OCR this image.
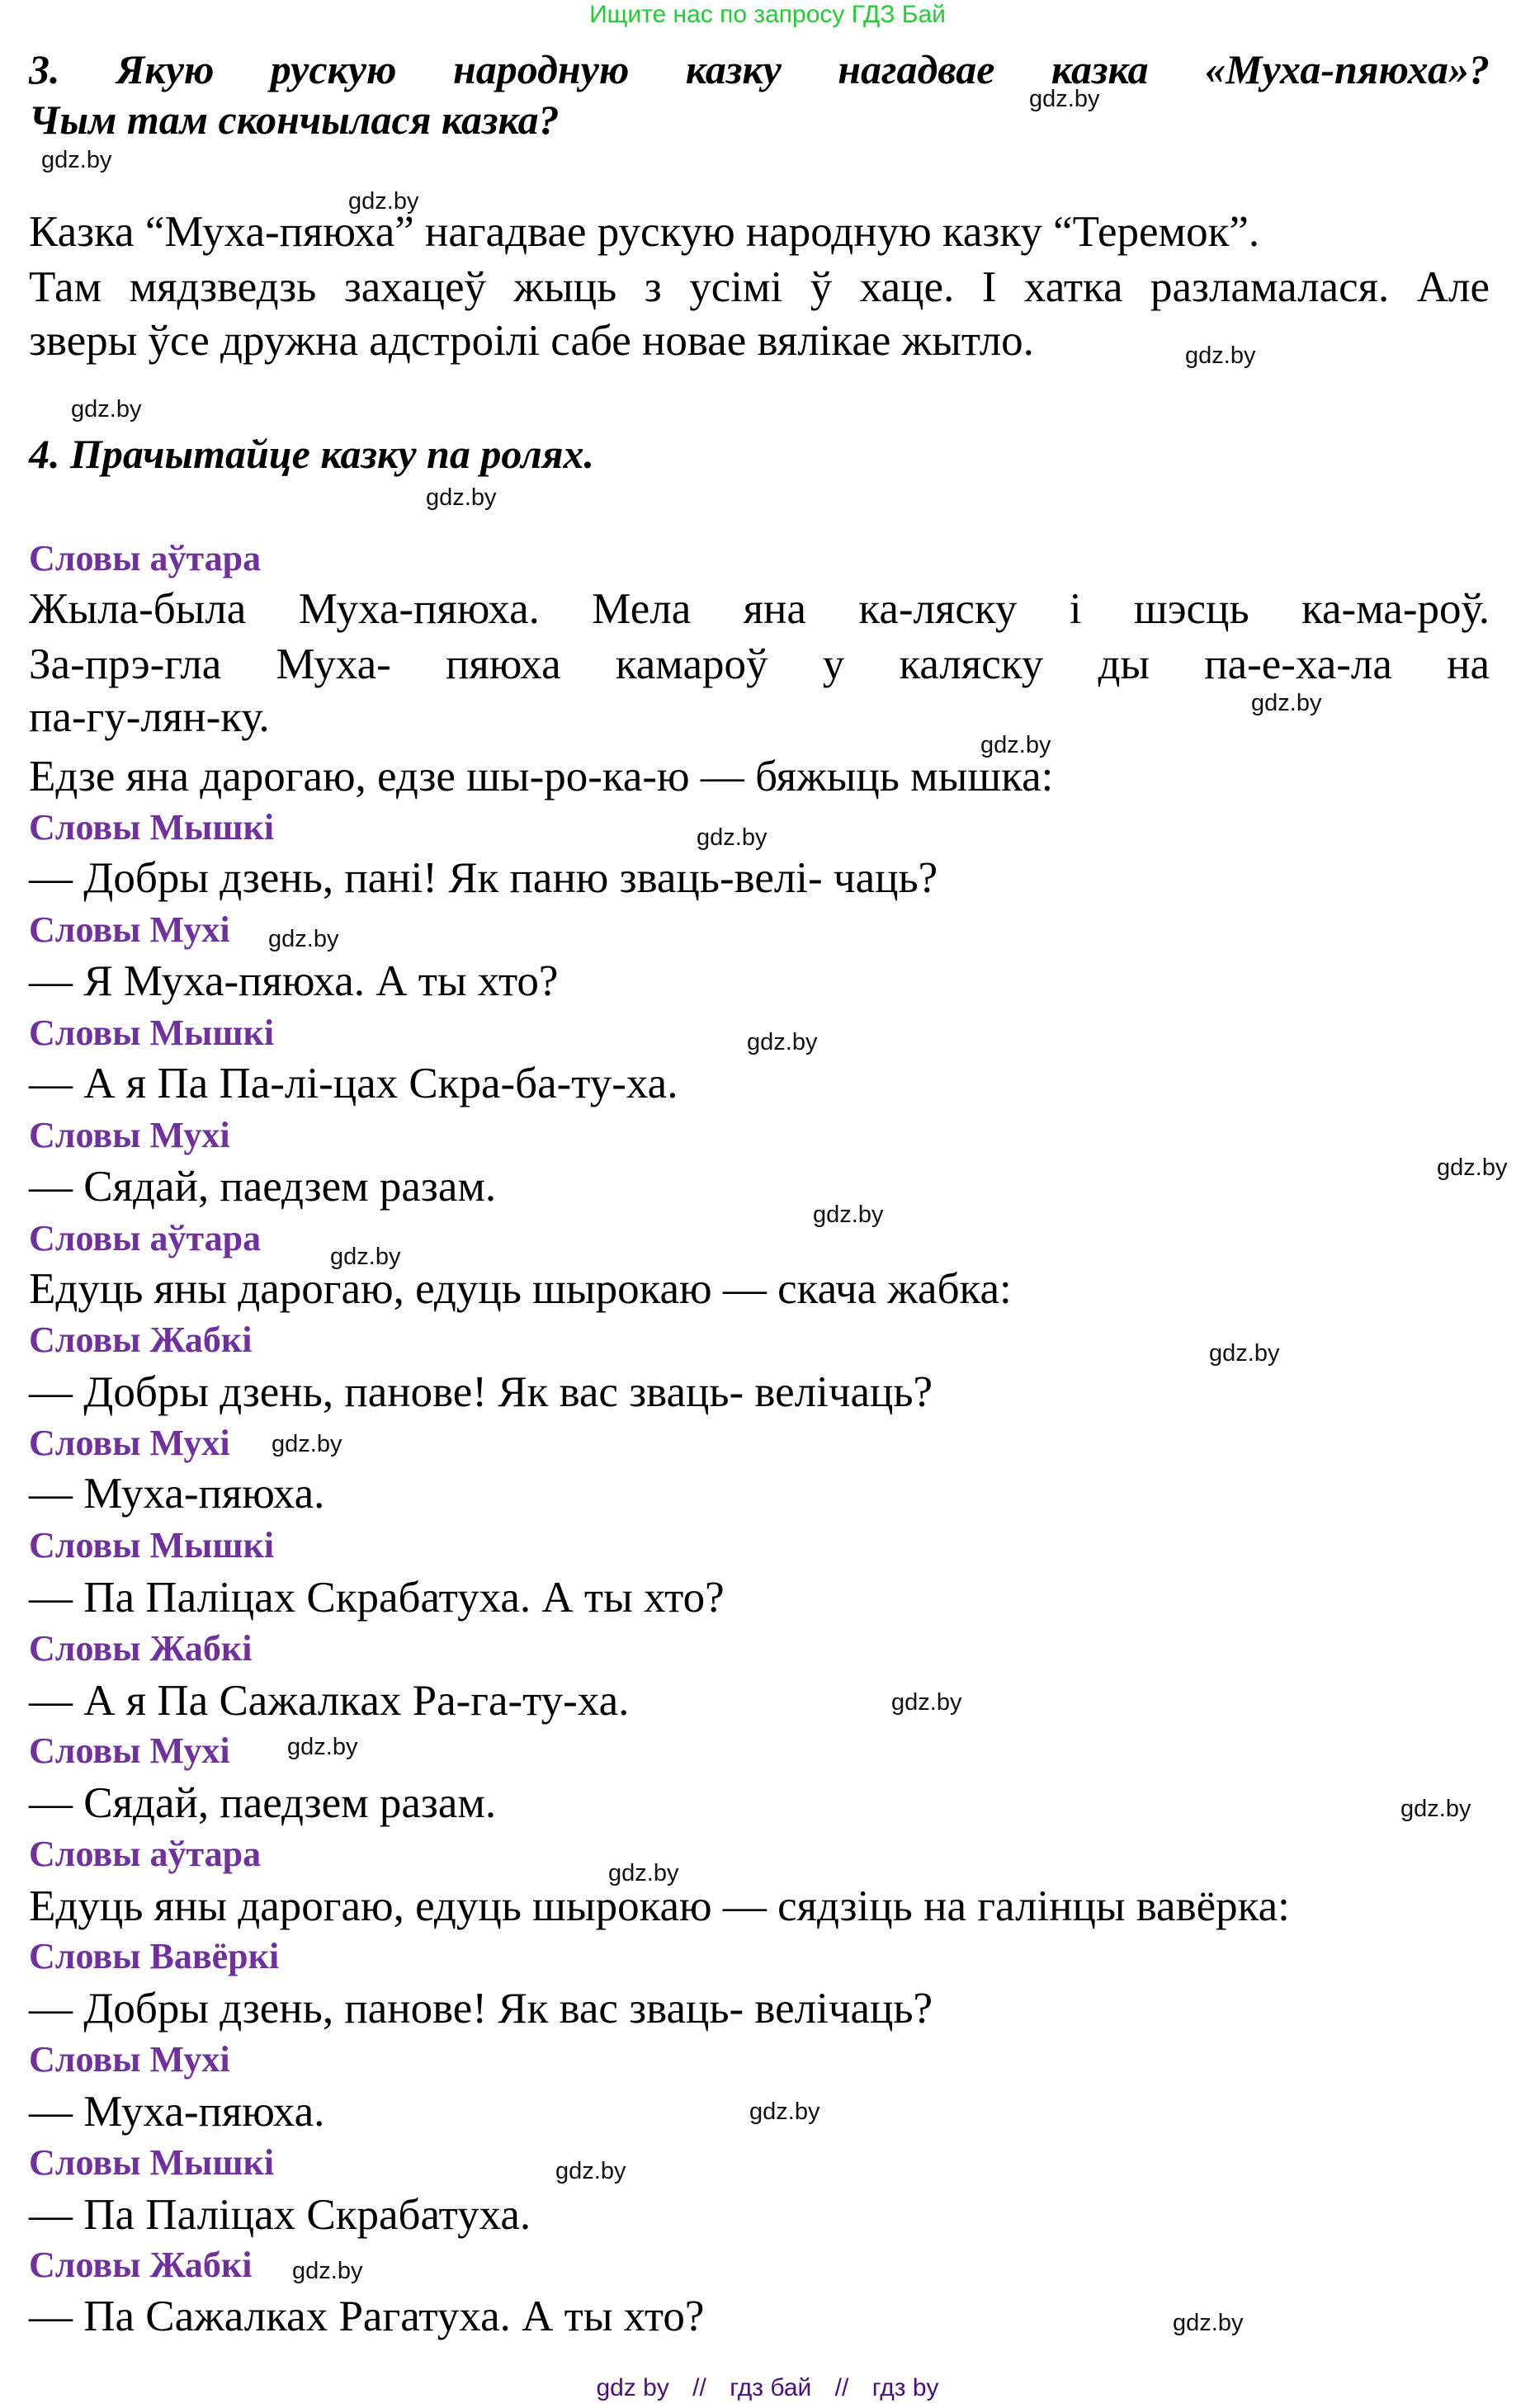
Ищите нас по запросу ГДЗ Бай
3. Якую рускую народную казку нагадвае казка «Муха-пяюха»?
Чым там скончылася казка?
Казка “Муха-пяюха” нагадвае рускую народную казку “Теремок”.
Там мядзведзь захацеў жыць з усімі ў хаце. І хатка разламалася. Але
зверы ўсе дружна адстроілі сабе новае вялікае жытло.
4. Прачытайце казку па ролях.
Словы аўтара
Жыла-была Муха-пяюха. Мела яна ка-ляску і шэсць ка-ма-роў.
За-прэ-гла Муха- пяюха камароў у каляску ды па-е-ха-ла на
па-гу-лян-ку.
Едзе яна дарогаю, едзе шы-ро-ка-ю — бяжыць мышка:
Словы Мышкі
— Добры дзень, пані! Як паню зваць-велі- чаць?
Словы Мухі
— Я Муха-пяюха. А ты хто?
Словы Мышкі
— А я Па Па-лі-цах Скра-ба-ту-ха.
Словы Мухі
— Сядай, паедзем разам.
Словы аўтара
Едуць яны дарогаю, едуць шырокаю — скача жабка:
Словы Жабкі
— Добры дзень, панове! Як вас зваць- велічаць?
Словы Мухі
— Муха-пяюха.
Словы Мышкі
— Па Паліцах Скрабатуха. А ты хто?
Словы Жабкі
— А я Па Сажалках Ра-га-ту-ха.
Словы Мухі
— Сядай, паедзем разам.
Словы аўтара
Едуць яны дарогаю, едуць шырокаю — сядзіць на галінцы вавёрка:
Словы Вавёркі
— Добры дзень, панове! Як вас зваць- велічаць?
Словы Мухі
— Муха-пяюха.
Словы Мышкі
— Па Паліцах Скрабатуха.
Словы Жабкі
— Па Сажалках Рагатуха. А ты хто?
gdz.by
gdz.by
gdz.by
gdz.by
gdz.by
gdz.by
gdz.by
gdz.by
gdz.by
gdz.by
gdz.by
gdz.by
gdz.by
gdz.by
gdz.by
gdz.by
gdz.by
gdz.by
gdz.by
gdz.by
gdz.by
gdz.by
gdz.by
gdz.by
gdz by // гдз бай // гдз by
